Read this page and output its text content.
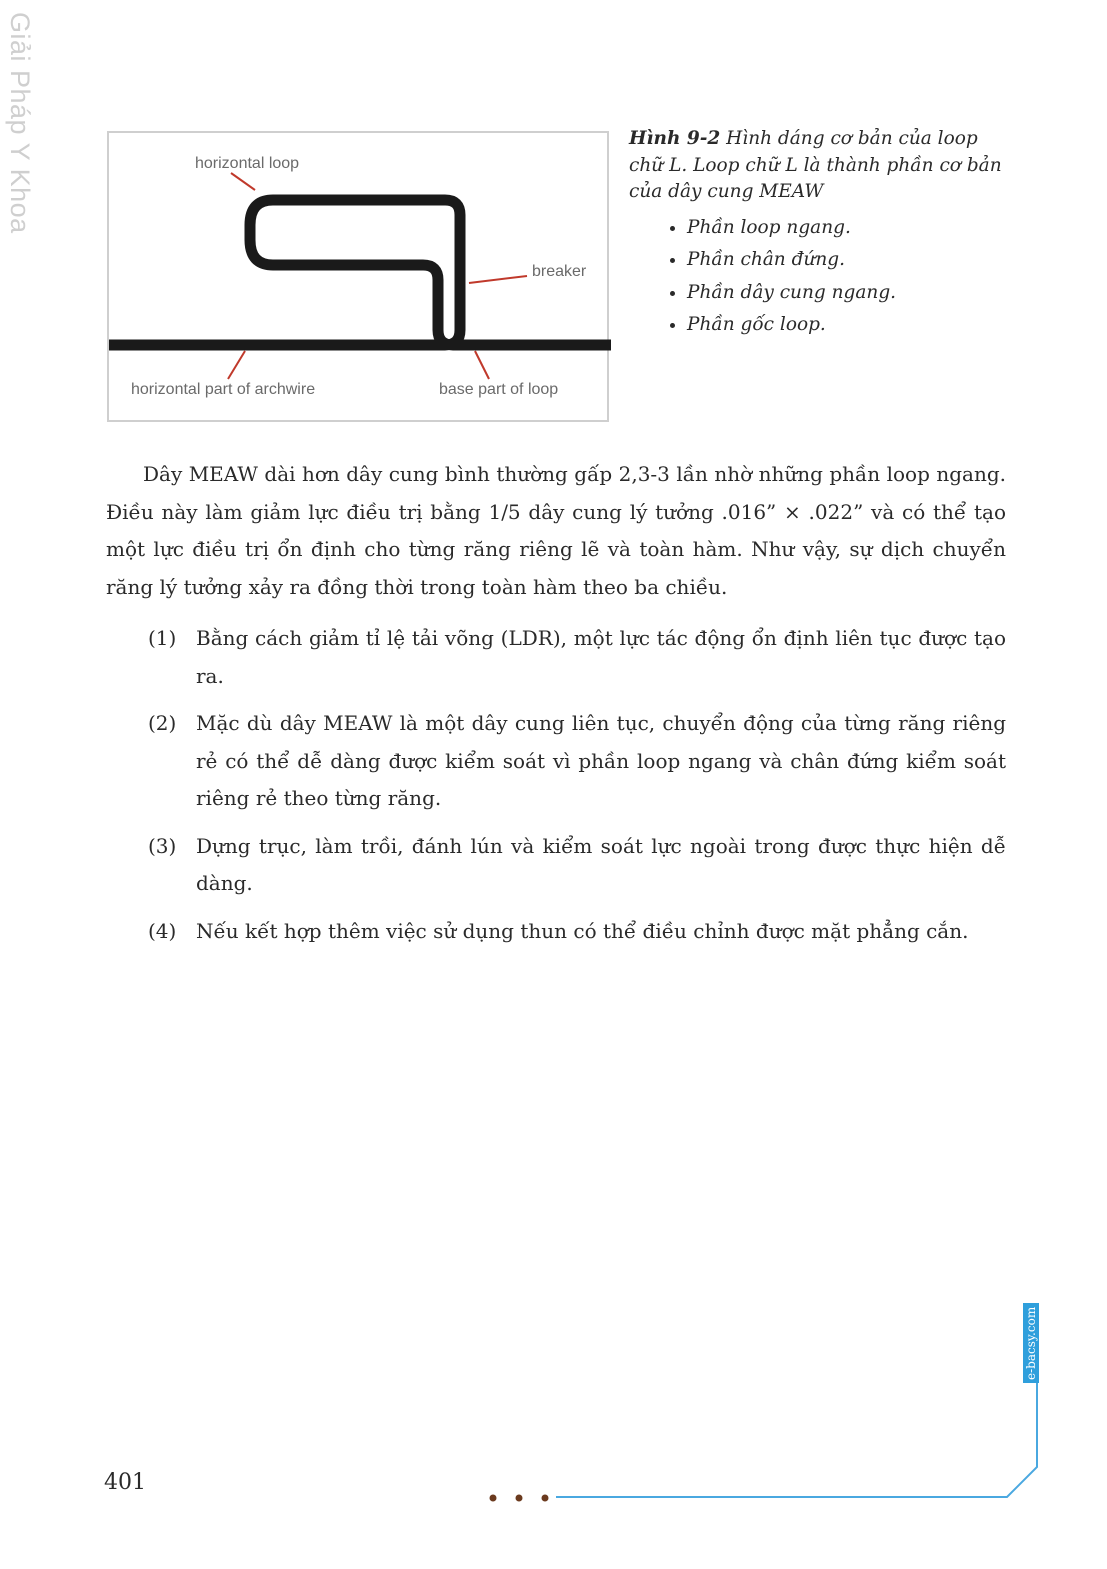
Giải Pháp Y Khoa	horizontal loop
breaker
horizontal part of archwire	base part of loop
Hình 9-2 Hình dáng cơ bản của loop chữ L. Loop chữ L là thành phần cơ bản của dây cung MEAW
• Phần loop ngang.
• Phần chân đứng.
• Phần dây cung ngang.
• Phần gốc loop.

Dây MEAW dài hơn dây cung bình thường gấp 2,3-3 lần nhờ những phần loop ngang. Điều này làm giảm lực điều trị bằng 1/5 dây cung lý tưởng .016” × .022” và có thể tạo một lực điều trị ổn định cho từng răng riêng lẽ và toàn hàm. Như vậy, sự dịch chuyển răng lý tưởng xảy ra đồng thời trong toàn hàm theo ba chiều.

(1) Bằng cách giảm tỉ lệ tải võng (LDR), một lực tác động ổn định liên tục được tạo ra.
(2) Mặc dù dây MEAW là một dây cung liên tục, chuyển động của từng răng riêng rẻ có thể dễ dàng được kiểm soát vì phần loop ngang và chân đứng kiểm soát riêng rẻ theo từng răng.
(3) Dựng trục, làm trồi, đánh lún và kiểm soát lực ngoài trong được thực hiện dễ dàng.
(4) Nếu kết hợp thêm việc sử dụng thun có thể điều chỉnh được mặt phẳng cắn.
e-bacsy.com
401
